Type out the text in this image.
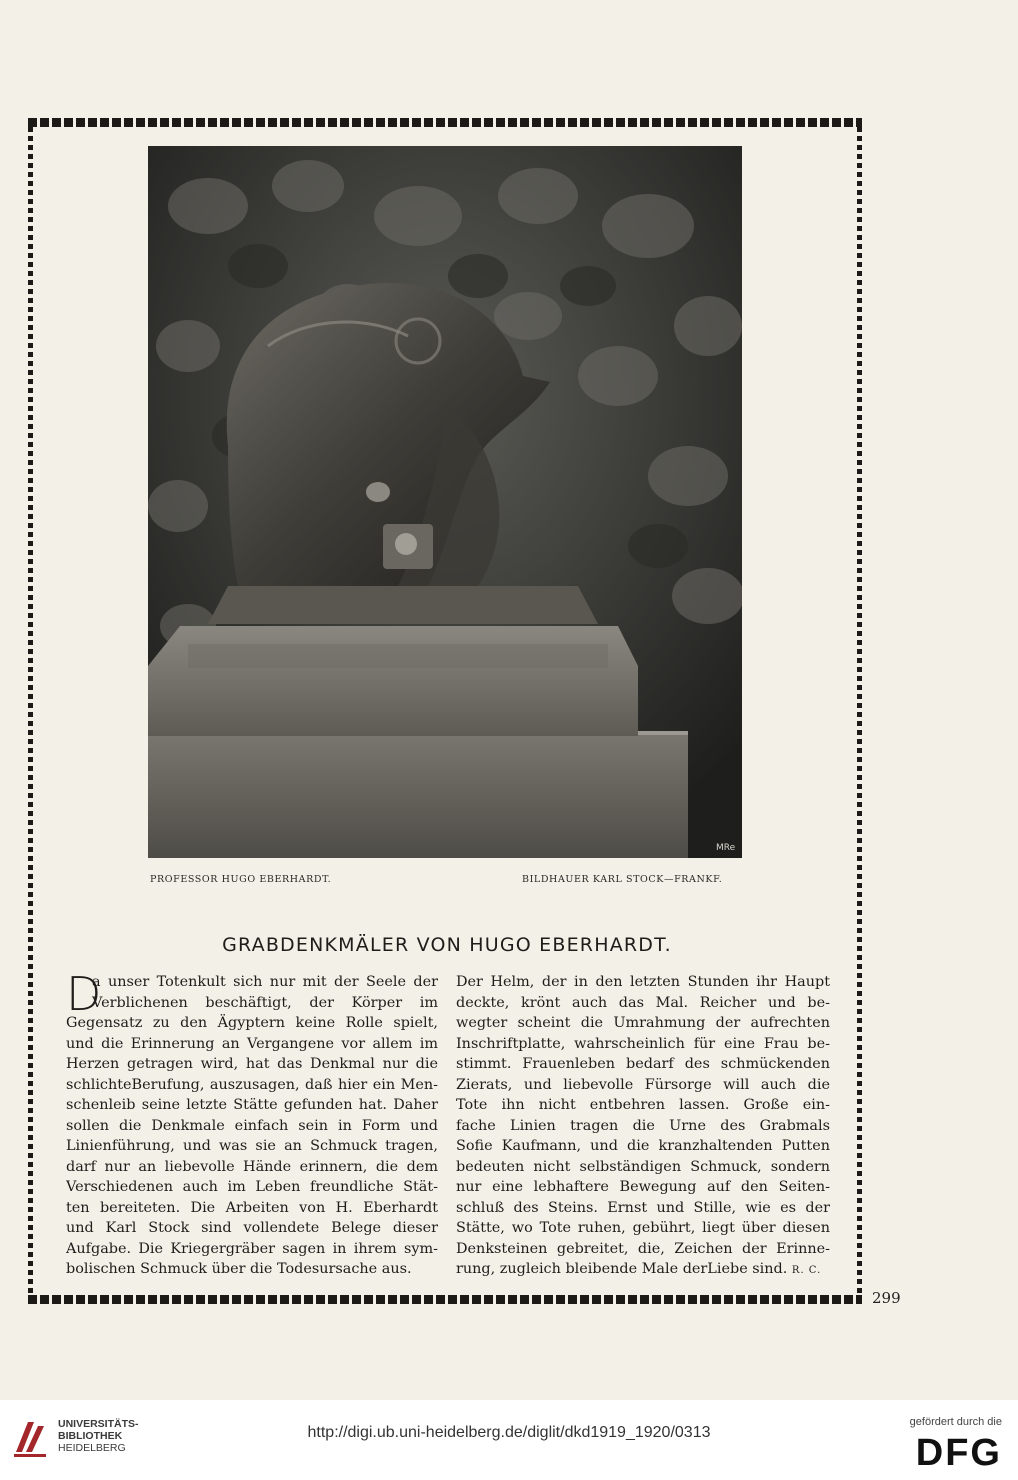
MRe
PROFESSOR HUGO EBERHARDT.	BILDHAUER KARL STOCK—FRANKF.
GRABDENKMÄLER VON HUGO EBERHARDT.
D
a unser Totenkult sich nur mit der Seele der
Verblichenen beschäftigt, der Körper im
Gegensatz zu den Ägyptern keine Rolle spielt,
und die Erinnerung an Vergangene vor allem im
Herzen getragen wird, hat das Denkmal nur die
schlichteBerufung, auszusagen, daß hier ein Men-
schenleib seine letzte Stätte gefunden hat. Daher
sollen die Denkmale einfach sein in Form und
Linienführung, und was sie an Schmuck tragen,
darf nur an liebevolle Hände erinnern, die dem
Verschiedenen auch im Leben freundliche Stät-
ten bereiteten. Die Arbeiten von H. Eberhardt
und Karl Stock sind vollendete Belege dieser
Aufgabe. Die Kriegergräber sagen in ihrem sym-
bolischen Schmuck über die Todesursache aus.
Der Helm, der in den letzten Stunden ihr Haupt
deckte, krönt auch das Mal. Reicher und be-
wegter scheint die Umrahmung der aufrechten
Inschriftplatte, wahrscheinlich für eine Frau be-
stimmt. Frauenleben bedarf des schmückenden
Zierats, und liebevolle Fürsorge will auch die
Tote ihn nicht entbehren lassen. Große ein-
fache Linien tragen die Urne des Grabmals
Sofie Kaufmann, und die kranzhaltenden Putten
bedeuten nicht selbständigen Schmuck, sondern
nur eine lebhaftere Bewegung auf den Seiten-
schluß des Steins. Ernst und Stille, wie es der
Stätte, wo Tote ruhen, gebührt, liegt über diesen
Denksteinen gebreitet, die, Zeichen der Erinne-
rung, zugleich bleibende Male derLiebe sind. R. C.
299
UNIVERSITÄTS-
BIBLIOTHEK
HEIDELBERG
http://digi.ub.uni-heidelberg.de/diglit/dkd1919_1920/0313
gefördert durch die
DFG
